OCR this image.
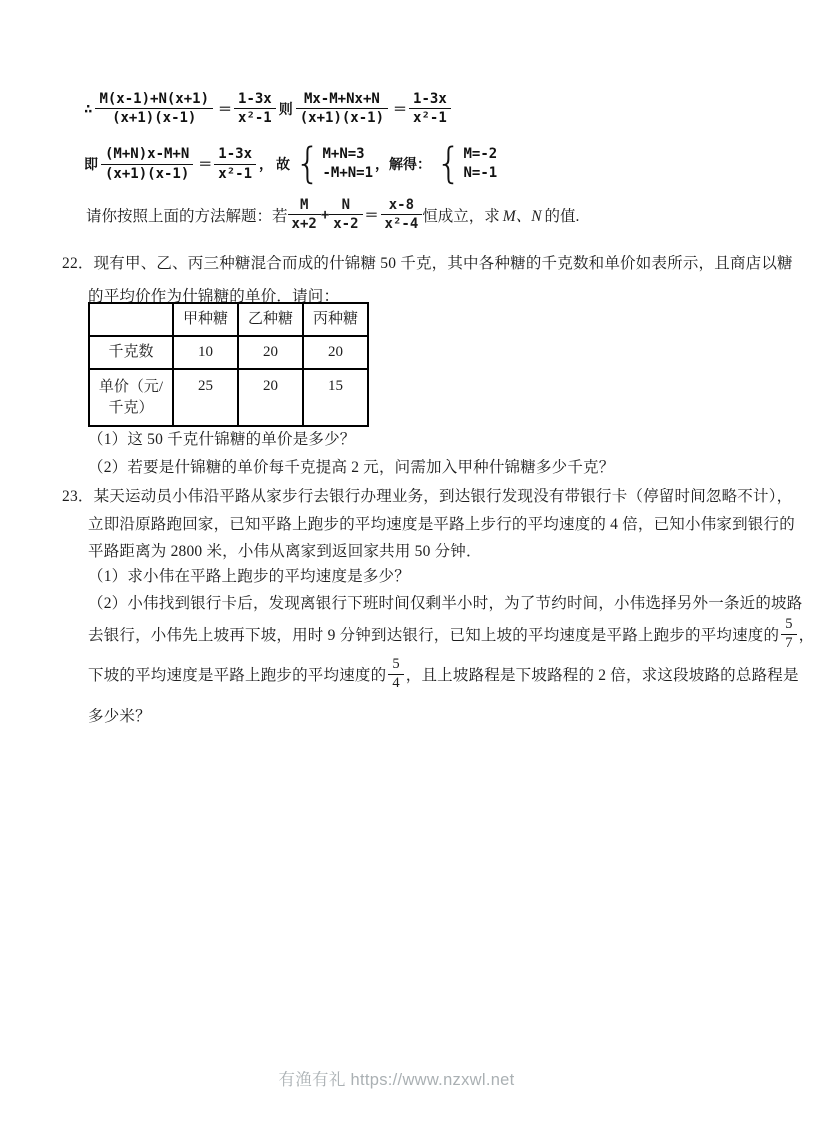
∴ $\frac{M(x-1)+N(x+1)}{(x+1)(x-1)} = \frac{1-3x}{\text{x²-1}}$ 则 $\frac{Mx-M+Nx+N}{(x+1)(x-1)} = \frac{1-3x}{\text{x²-1}}$
即 $\frac{(M+N)x-M+N}{(x+1)(x-1)} = \frac{1-3x}{\text{x²-1}}$ ， 故 { M+N=3
-M+N=1 ，解得： { M=-2
N=-1
请你按照上面的方法解题：若 $\frac{M}{x+2} + \frac{N}{x-2} = \frac{x-8}{\text{x²-4}}$ 恒成立，求 M、N 的值.
22．现有甲、乙、丙三种糖混合而成的什锦糖 50 千克，其中各种糖的千克数和单价如表所示，且商店以糖
的平均价作为什锦糖的单价．请问：
	甲种糖	乙种糖	丙种糖
千克数	10	20	20
单价（元/千克）	25	20	15
（1）这 50 千克什锦糖的单价是多少？
（2）若要是什锦糖的单价每千克提高 2 元，问需加入甲种什锦糖多少千克？
23．某天运动员小伟沿平路从家步行去银行办理业务，到达银行发现没有带银行卡（停留时间忽略不计），
立即沿原路跑回家，已知平路上跑步的平均速度是平路上步行的平均速度的 4 倍，已知小伟家到银行的
平路距离为 2800 米，小伟从离家到返回家共用 50 分钟．
（1）求小伟在平路上跑步的平均速度是多少？
（2）小伟找到银行卡后，发现离银行下班时间仅剩半小时，为了节约时间，小伟选择另外一条近的坡路
去银行，小伟先上坡再下坡，用时 9 分钟到达银行，已知上坡的平均速度是平路上跑步的平均速度的 $\frac{5}{7}$ ，
下坡的平均速度是平路上跑步的平均速度的 $\frac{5}{4}$ ，且上坡路程是下坡路程的 2 倍，求这段坡路的总路程是
多少米？
有渔有礼 https://www.nzxwl.net
